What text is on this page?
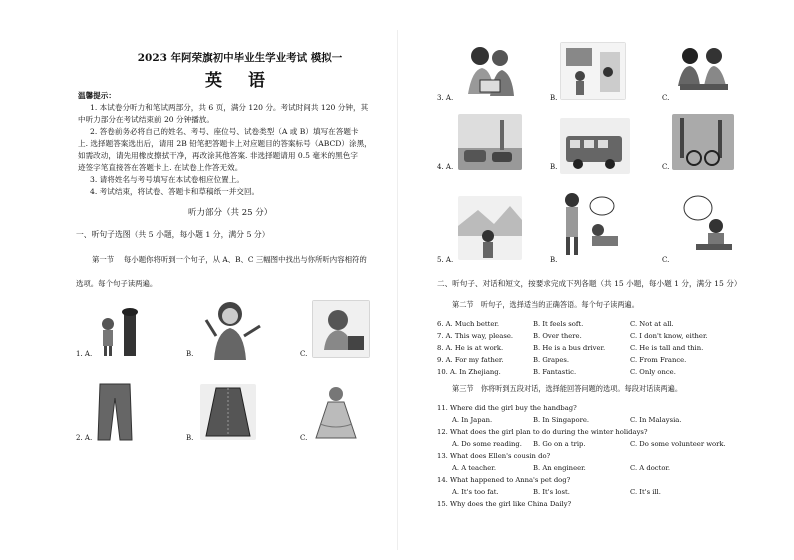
2023 年阿荣旗初中毕业生学业考试 模拟一
英 语

温馨提示：

1. 本试卷分听力和笔试两部分，共 6 页，满分 120 分。考试时间共 120 分钟，其

中听力部分在考试结束前 20 分钟播放。

2. 答卷前务必将自己的姓名、考号、座位号、试卷类型（A 或 B）填写在答题卡

上. 选择题答案选出后，请用 2B 铅笔把答题卡上对应题目的答案标号（ABCD）涂黑，

如需改动，请先用橡皮擦拭干净，再改涂其他答案. 非选择题请用 0.5 毫米的黑色字

迹签字笔直接答在答题卡上. 在试卷上作答无效。

3. 请将姓名与考号填写在本试卷相应位置上。

4. 考试结束，将试卷、答题卡和草稿纸一并交回。

听力部分（共 25 分）
一、听句子选图（共 5 小题，每小题 1 分，满分 5 分）
第一节　 每小题你将听到一个句子，从 A、B、C 三幅图中找出与你所听内容相符的
选项。每个句子读两遍。
1. A.	B.	C.
2. A.	B.	C.
3. A.	B.	C.
4. A.	B.	C.
5. A.	B.	C.
二、听句子、对话和短文，按要求完成下列各题（共 15 小题，每小题 1 分，满分 15 分）
第二节　听句子，选择适当的正确答语。每个句子读两遍。
6. A. Much better.	B. It feels soft.	C. Not at all.
7. A. This way, please.	B. Over there.	C. I don't know, either.
8. A. He is at work.	B. He is a bus driver.	C. He is tall and thin.
9. A. For my father.	B. Grapes.	C. From France.
10. A. In Zhejiang.	B. Fantastic.	C. Only once.
第三节　你将听到五段对话，选择能回答问题的选项。每段对话读两遍。
11. Where did the girl buy the handbag?
A. In Japan.	B. In Singapore.	C. In Malaysia.
12. What does the girl plan to do during the winter holidays?
A. Do some reading. B. Go on a trip.	C. Do some volunteer work.
13. What does Ellen's cousin do?
A. A teacher.	B. An engineer.	C. A doctor.
14. What happened to Anna's pet dog?
A. It's too fat.	B. It's lost.	C. It's ill.
15. Why does the girl like China Daily?
